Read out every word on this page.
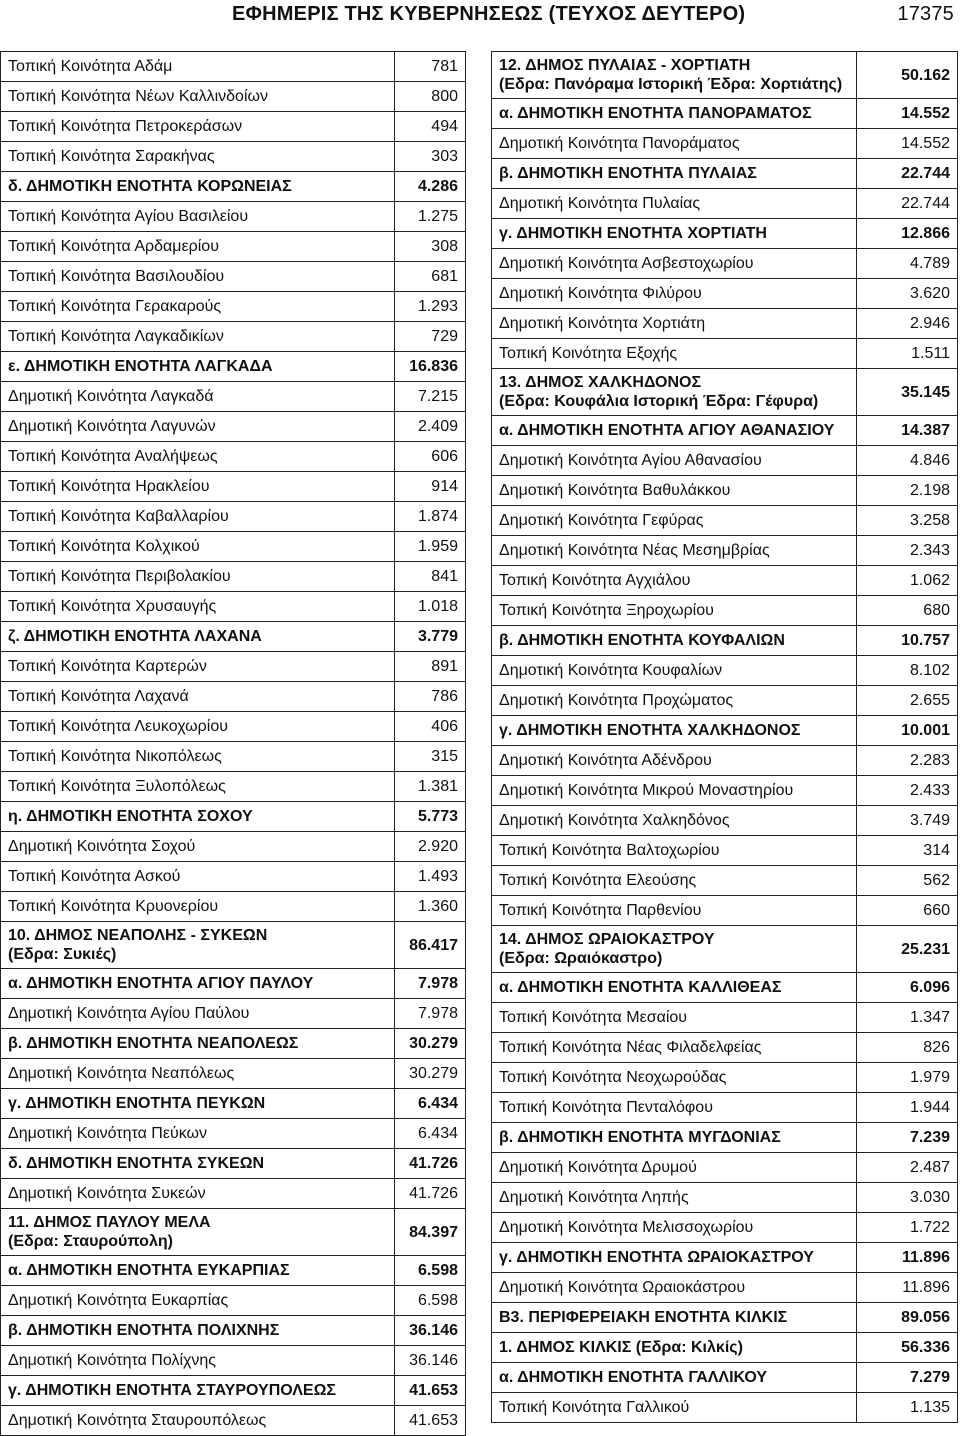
ΕΦΗΜΕΡΙΣ ΤΗΣ ΚΥΒΕΡΝΗΣΕΩΣ (ΤΕΥΧΟΣ ΔΕΥΤΕΡΟ)	17375
Τοπική Κοινότητα Αδάμ	781
Τοπική Κοινότητα Νέων Καλλινδοίων	800
Τοπική Κοινότητα Πετροκεράσων	494
Τοπική Κοινότητα Σαρακήνας	303
δ. ΔΗΜΟΤΙΚΗ ΕΝΟΤΗΤΑ ΚΟΡΩΝΕΙΑΣ	4.286
Τοπική Κοινότητα Αγίου Βασιλείου	1.275
Τοπική Κοινότητα Αρδαμερίου	308
Τοπική Κοινότητα Βασιλουδίου	681
Τοπική Κοινότητα Γερακαρούς	1.293
Τοπική Κοινότητα Λαγκαδικίων	729
ε. ΔΗΜΟΤΙΚΗ ΕΝΟΤΗΤΑ ΛΑΓΚΑΔΑ	16.836
Δημοτική Κοινότητα Λαγκαδά	7.215
Δημοτική Κοινότητα Λαγυνών	2.409
Τοπική Κοινότητα Αναλήψεως	606
Τοπική Κοινότητα Ηρακλείου	914
Τοπική Κοινότητα Καβαλλαρίου	1.874
Τοπική Κοινότητα Κολχικού	1.959
Τοπική Κοινότητα Περιβολακίου	841
Τοπική Κοινότητα Χρυσαυγής	1.018
ζ. ΔΗΜΟΤΙΚΗ ΕΝΟΤΗΤΑ ΛΑΧΑΝΑ	3.779
Τοπική Κοινότητα Καρτερών	891
Τοπική Κοινότητα Λαχανά	786
Τοπική Κοινότητα Λευκοχωρίου	406
Τοπική Κοινότητα Νικοπόλεως	315
Τοπική Κοινότητα Ξυλοπόλεως	1.381
η. ΔΗΜΟΤΙΚΗ ΕΝΟΤΗΤΑ ΣΟΧΟΥ	5.773
Δημοτική Κοινότητα Σοχού	2.920
Τοπική Κοινότητα Ασκού	1.493
Τοπική Κοινότητα Κρυονερίου	1.360

10. ΔΗΜΟΣ ΝΕΑΠΟΛΗΣ - ΣΥΚΕΩΝ
(Εδρα: Συκιές)	86.417
α. ΔΗΜΟΤΙΚΗ ΕΝΟΤΗΤΑ ΑΓΙΟΥ ΠΑΥΛΟΥ	7.978
Δημοτική Κοινότητα Αγίου Παύλου	7.978
β. ΔΗΜΟΤΙΚΗ ΕΝΟΤΗΤΑ ΝΕΑΠΟΛΕΩΣ	30.279
Δημοτική Κοινότητα Νεαπόλεως	30.279
γ. ΔΗΜΟΤΙΚΗ ΕΝΟΤΗΤΑ ΠΕΥΚΩΝ	6.434
Δημοτική Κοινότητα Πεύκων	6.434
δ. ΔΗΜΟΤΙΚΗ ΕΝΟΤΗΤΑ ΣΥΚΕΩΝ	41.726
Δημοτική Κοινότητα Συκεών	41.726

11. ΔΗΜΟΣ ΠΑΥΛΟΥ ΜΕΛΑ
(Εδρα: Σταυρούπολη)	84.397
α. ΔΗΜΟΤΙΚΗ ΕΝΟΤΗΤΑ ΕΥΚΑΡΠΙΑΣ	6.598
Δημοτική Κοινότητα Ευκαρπίας	6.598
β. ΔΗΜΟΤΙΚΗ ΕΝΟΤΗΤΑ ΠΟΛΙΧΝΗΣ	36.146
Δημοτική Κοινότητα Πολίχνης	36.146
γ. ΔΗΜΟΤΙΚΗ ΕΝΟΤΗΤΑ ΣΤΑΥΡΟΥΠΟΛΕΩΣ	41.653
Δημοτική Κοινότητα Σταυρουπόλεως	41.653
12. ΔΗΜΟΣ ΠΥΛΑΙΑΣ - ΧΟΡΤΙΑΤΗ
(Εδρα: Πανόραμα Ιστορική Έδρα: Χορτιάτης)	50.162
α. ΔΗΜΟΤΙΚΗ ΕΝΟΤΗΤΑ ΠΑΝΟΡΑΜΑΤΟΣ	14.552
Δημοτική Κοινότητα Πανοράματος	14.552
β. ΔΗΜΟΤΙΚΗ ΕΝΟΤΗΤΑ ΠΥΛΑΙΑΣ	22.744
Δημοτική Κοινότητα Πυλαίας	22.744
γ. ΔΗΜΟΤΙΚΗ ΕΝΟΤΗΤΑ ΧΟΡΤΙΑΤΗ	12.866
Δημοτική Κοινότητα Ασβεστοχωρίου	4.789
Δημοτική Κοινότητα Φιλύρου	3.620
Δημοτική Κοινότητα Χορτιάτη	2.946
Τοπική Κοινότητα Εξοχής	1.511

13. ΔΗΜΟΣ ΧΑΛΚΗΔΟΝΟΣ
(Εδρα: Κουφάλια Ιστορική Έδρα: Γέφυρα)	35.145
α. ΔΗΜΟΤΙΚΗ ΕΝΟΤΗΤΑ ΑΓΙΟΥ ΑΘΑΝΑΣΙΟΥ	14.387
Δημοτική Κοινότητα Αγίου Αθανασίου	4.846
Δημοτική Κοινότητα Βαθυλάκκου	2.198
Δημοτική Κοινότητα Γεφύρας	3.258
Δημοτική Κοινότητα Νέας Μεσημβρίας	2.343
Τοπική Κοινότητα Αγχιάλου	1.062
Τοπική Κοινότητα Ξηροχωρίου	680
β. ΔΗΜΟΤΙΚΗ ΕΝΟΤΗΤΑ ΚΟΥΦΑΛΙΩΝ	10.757
Δημοτική Κοινότητα Κουφαλίων	8.102
Δημοτική Κοινότητα Προχώματος	2.655
γ. ΔΗΜΟΤΙΚΗ ΕΝΟΤΗΤΑ ΧΑΛΚΗΔΟΝΟΣ	10.001
Δημοτική Κοινότητα Αδένδρου	2.283
Δημοτική Κοινότητα Μικρού Μοναστηρίου	2.433
Δημοτική Κοινότητα Χαλκηδόνος	3.749
Τοπική Κοινότητα Βαλτοχωρίου	314
Τοπική Κοινότητα Ελεούσης	562
Τοπική Κοινότητα Παρθενίου	660

14. ΔΗΜΟΣ ΩΡΑΙΟΚΑΣΤΡΟΥ
(Εδρα: Ωραιόκαστρο)	25.231
α. ΔΗΜΟΤΙΚΗ ΕΝΟΤΗΤΑ ΚΑΛΛΙΘΕΑΣ	6.096
Τοπική Κοινότητα Μεσαίου	1.347
Τοπική Κοινότητα Νέας Φιλαδελφείας	826
Τοπική Κοινότητα Νεοχωρούδας	1.979
Τοπική Κοινότητα Πενταλόφου	1.944
β. ΔΗΜΟΤΙΚΗ ΕΝΟΤΗΤΑ ΜΥΓΔΟΝΙΑΣ	7.239
Δημοτική Κοινότητα Δρυμού	2.487
Δημοτική Κοινότητα Ληπής	3.030
Δημοτική Κοινότητα Μελισσοχωρίου	1.722
γ. ΔΗΜΟΤΙΚΗ ΕΝΟΤΗΤΑ ΩΡΑΙΟΚΑΣΤΡΟΥ	11.896
Δημοτική Κοινότητα Ωραιοκάστρου	11.896
Β3. ΠΕΡΙΦΕΡΕΙΑΚΗ ΕΝΟΤΗΤΑ ΚΙΛΚΙΣ	89.056
1. ΔΗΜΟΣ ΚΙΛΚΙΣ (Εδρα: Κιλκίς)	56.336
α. ΔΗΜΟΤΙΚΗ ΕΝΟΤΗΤΑ ΓΑΛΛΙΚΟΥ	7.279
Τοπική Κοινότητα Γαλλικού	1.135
